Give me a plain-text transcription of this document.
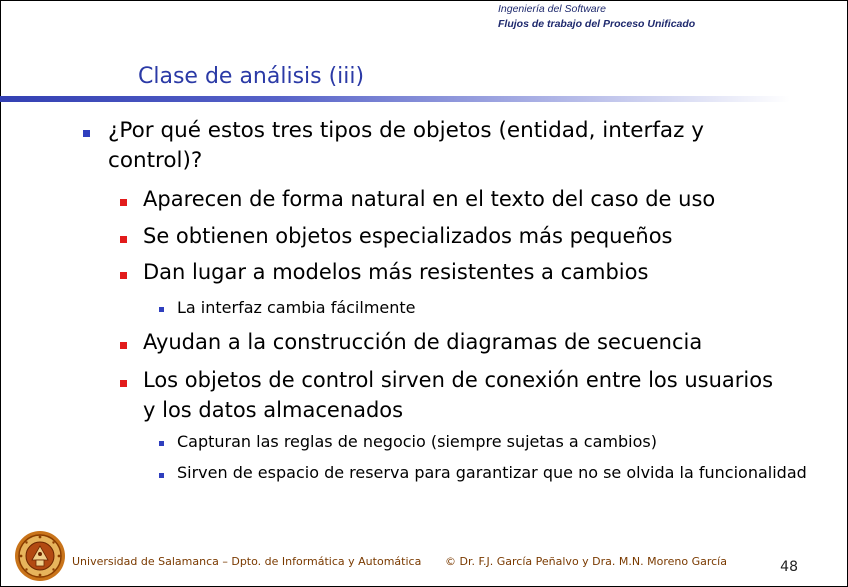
Ingeniería del Software
Flujos de trabajo del Proceso Unificado
Clase de análisis (iii)
¿Por qué estos tres tipos de objetos (entidad, interfaz y control)?
Aparecen de forma natural en el texto del caso de uso
Se obtienen objetos especializados más pequeños
Dan lugar a modelos más resistentes a cambios
La interfaz cambia fácilmente
Ayudan a la construcción de diagramas de secuencia
Los objetos de control sirven de conexión entre los usuarios y los datos almacenados
Capturan las reglas de negocio (siempre sujetas a cambios)
Sirven de espacio de reserva para garantizar que no se olvida la funcionalidad
Universidad de Salamanca – Dpto. de Informática y Automática © Dr. F.J. García Peñalvo y Dra. M.N. Moreno García	48
